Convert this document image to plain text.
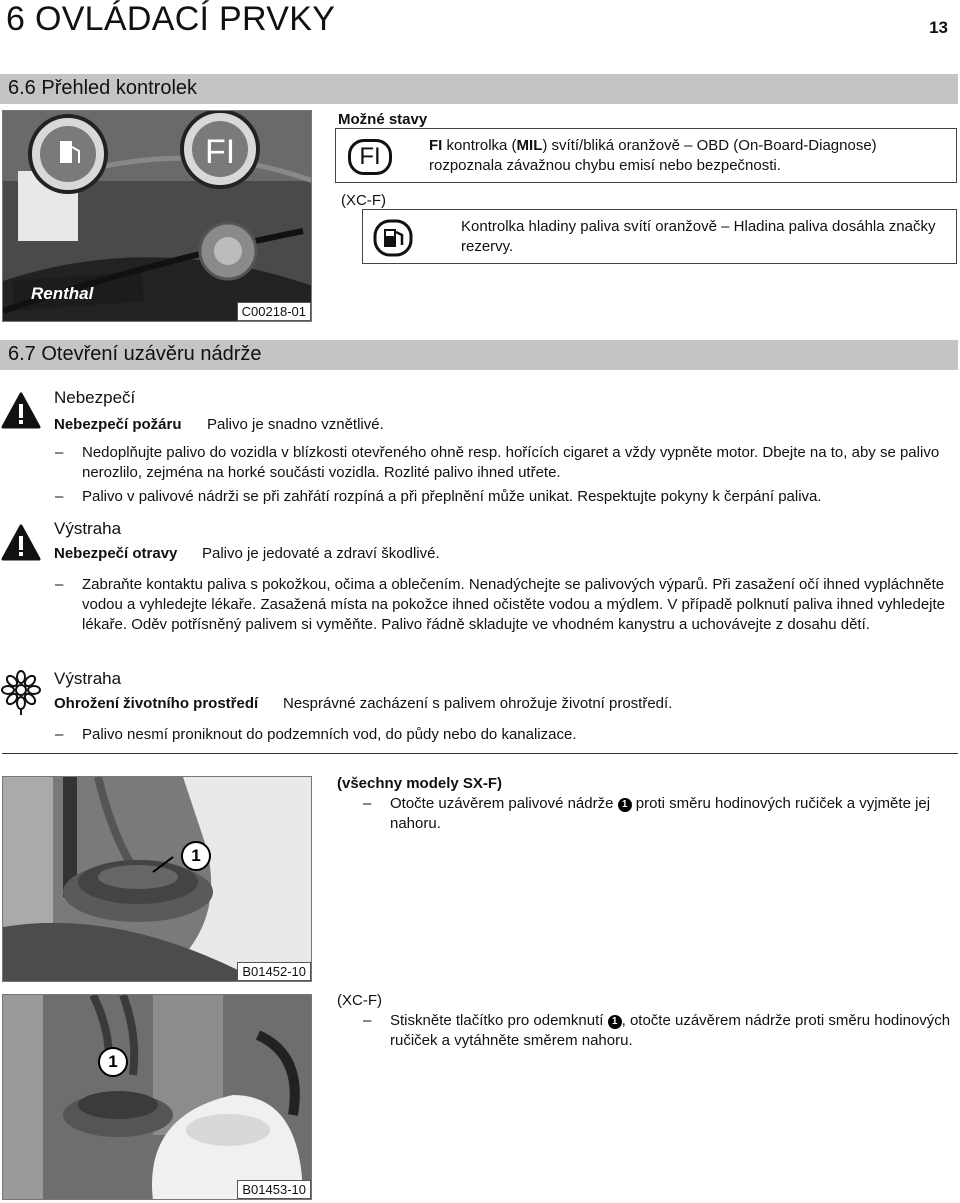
6 OVLÁDACÍ PRVKY	13
6.6 Přehled kontrolek
FI
Renthal
C00218-01
Možné stavy
FI	FI kontrolka (MIL) svítí/bliká oranžově – OBD (On-Board-Diagnose) rozpoznala závažnou chybu emisí nebo bezpečnosti.
(XC-F)
Kontrolka hladiny paliva svítí oranžově – Hladina paliva dosáhla značky rezervy.
6.7 Otevření uzávěru nádrže
Nebezpečí
Nebezpečí požáru Palivo je snadno vznětlivé.
– Nedoplňujte palivo do vozidla v blízkosti otevřeného ohně resp. hořících cigaret a vždy vypněte motor. Dbejte na to, aby se palivo nerozlilo, zejména na horké součásti vozidla. Rozlité palivo ihned utřete.
– Palivo v palivové nádrži se při zahřátí rozpíná a při přeplnění může unikat. Respektujte pokyny k čerpání paliva.
Výstraha
Nebezpečí otravy Palivo je jedovaté a zdraví škodlivé.
– Zabraňte kontaktu paliva s pokožkou, očima a oblečením. Nenadýchejte se palivových výparů. Při zasažení očí ihned vypláchněte vodou a vyhledejte lékaře. Zasažená místa na pokožce ihned očistěte vodou a mýdlem. V případě polknutí paliva ihned vyhledejte lékaře. Oděv potřísněný palivem si vyměňte. Palivo řádně skladujte ve vhodném kanystru a uchovávejte z dosahu dětí.
Výstraha
Ohrožení životního prostředí Nesprávné zacházení s palivem ohrožuje životní prostředí.
– Palivo nesmí proniknout do podzemních vod, do půdy nebo do kanalizace.
1
B01452-10
(všechny modely SX-F)
– Otočte uzávěrem palivové nádrže 1 proti směru hodinových ručiček a vyjměte jej nahoru.
1
B01453-10
(XC-F)
– Stiskněte tlačítko pro odemknutí 1 , otočte uzávěrem nádrže proti směru hodinových ručiček a vytáhněte směrem nahoru.
